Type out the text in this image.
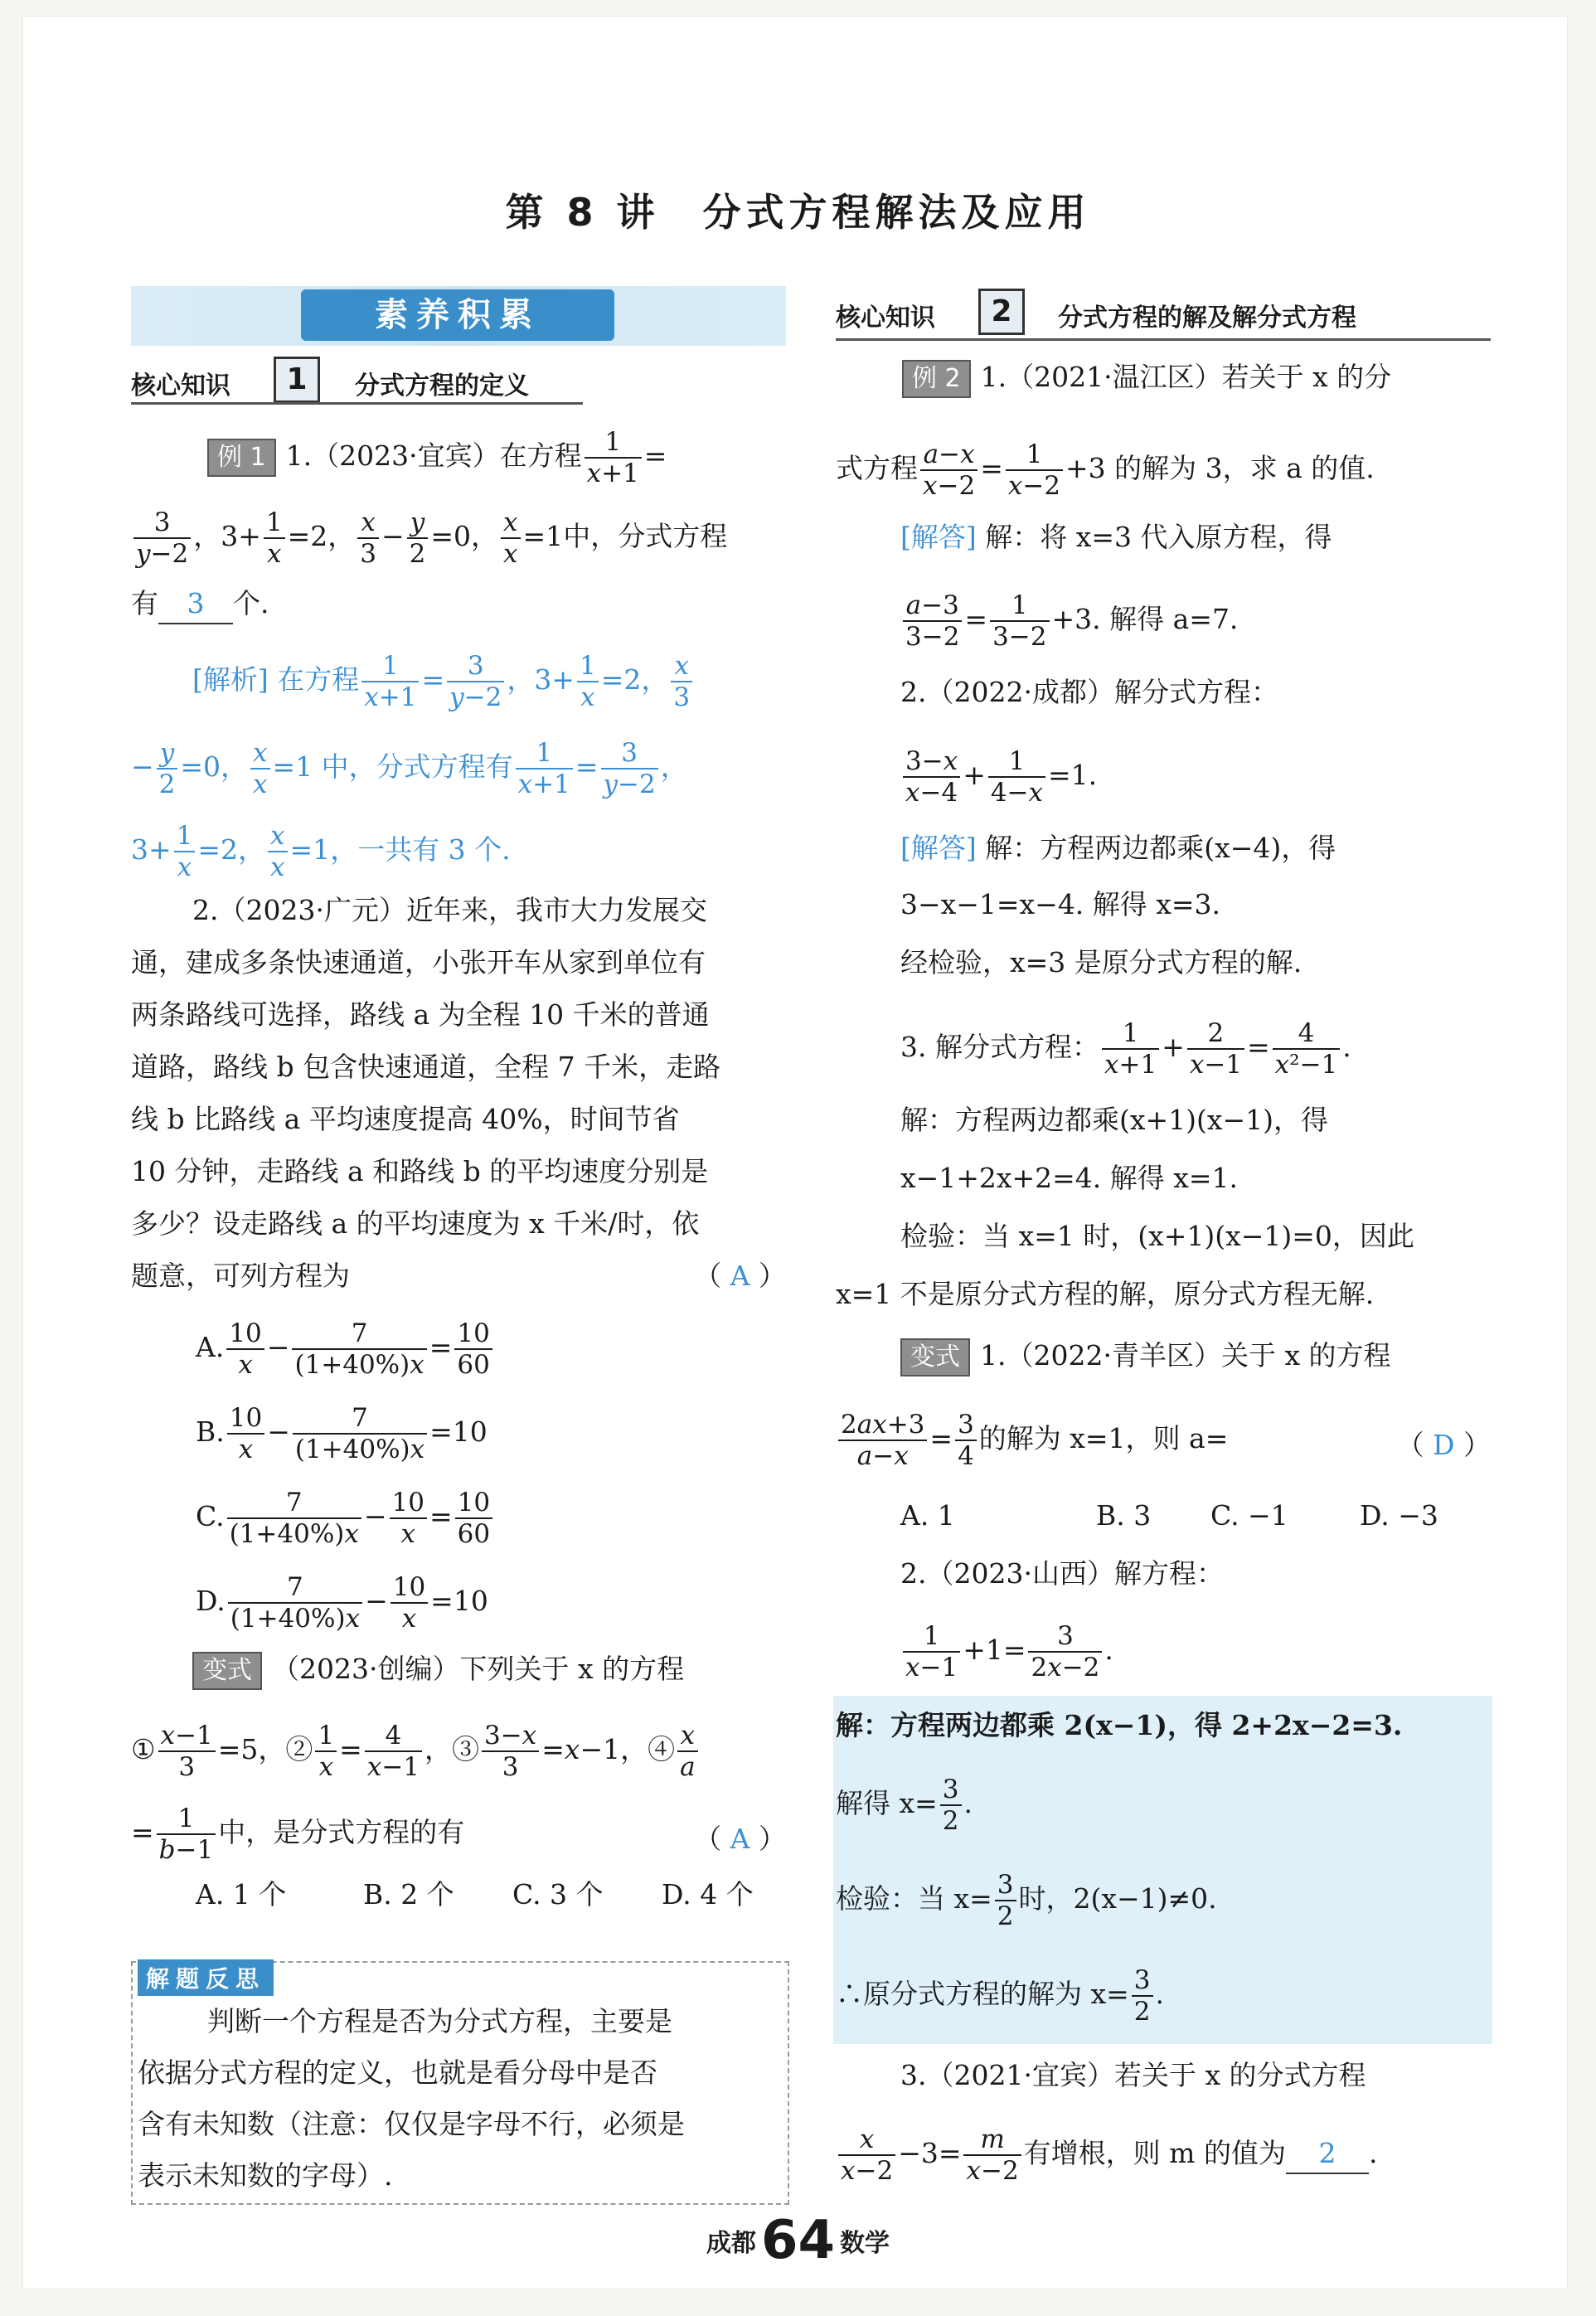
第 8 讲　分式方程解法及应用
素养积累
核心知识	1	分式方程的定义
例 1 1.（2023·宜宾）在方程 $\frac{1}{x+1}$ =
$\frac{3}{y-2}$ ，$3+ \frac{1}{x} =2$， $\frac{x}{3} - \frac{y}{2} =0$， $\frac{x}{x} =1$中，分式方程
有 3 个.
[解析] 在方程 $\frac{1}{x+1} = \frac{3}{y-2}$ ，$3+ \frac{1}{x} =2$， $\frac{x}{3}$
− $\frac{y}{2} =0$， $\frac{x}{x} =1$ 中，分式方程有 $\frac{1}{x+1} = \frac{3}{y-2}$ ，
$3+ \frac{1}{x} =2$， $\frac{x}{x} =1$，一共有 3 个.
2.（2023·广元）近年来，我市大力发展交
通，建成多条快速通道，小张开车从家到单位有
两条路线可选择，路线 a 为全程 10 千米的普通
道路，路线 b 包含快速通道，全程 7 千米，走路
线 b 比路线 a 平均速度提高 40%，时间节省
10 分钟，走路线 a 和路线 b 的平均速度分别是
多少？设走路线 a 的平均速度为 x 千米/时，依
题意，可列方程为	（ A ）
A. $\frac{10}{x} - \frac{7}{(1+40\%)x} = \frac{10}{60}$
B. $\frac{10}{x} - \frac{7}{(1+40\%)x} =10$
C. $\frac{7}{(1+40\%)x} - \frac{10}{x} = \frac{10}{60}$
D. $\frac{7}{(1+40\%)x} - \frac{10}{x} =10$
变式 （2023·创编）下列关于 x 的方程
① $\frac{x-1}{3} =5$，② $\frac{1}{x} = \frac{4}{x-1}$ ，③ $\frac{3-x}{3} =x-1$，④ $\frac{x}{a}$
= $\frac{1}{b-1}$ 中，是分式方程的有	（ A ）
A. 1 个	B. 2 个 C. 3 个 D. 4 个
解题反思
判断一个方程是否为分式方程，主要是
依据分式方程的定义，也就是看分母中是否
含有未知数（注意：仅仅是字母不行，必须是
表示未知数的字母）.
核心知识	2	分式方程的解及解分式方程
例 2 1.（2021·温江区）若关于 x 的分
式方程 $\frac{a-x}{x-2} = \frac{1}{x-2} +3$ 的解为 3，求 a 的值.
[解答] 解：将 x=3 代入原方程，得
$\frac{a-3}{3-2} = \frac{1}{3-2} +3$. 解得 a=7.
2.（2022·成都）解分式方程：
$\frac{3-x}{x-4} + \frac{1}{4-x} =1$.
[解答] 解：方程两边都乘(x−4)，得
3−x−1=x−4. 解得 x=3.
经检验，x=3 是原分式方程的解.
3. 解分式方程： $\frac{1}{x+1} + \frac{2}{x-1} = \frac{4}{\text{x²−1}}$ .
解：方程两边都乘(x+1)(x−1)，得
x−1+2x+2=4. 解得 x=1.
检验：当 x=1 时，(x+1)(x−1)=0，因此
x=1 不是原分式方程的解，原分式方程无解.
变式 1.（2022·青羊区）关于 x 的方程
$\frac{2ax+3}{a-x} = \frac{3}{4}$ 的解为 x=1，则 a=	（ D ）
A. 1	B. 3 C. −1	D. −3
2.（2023·山西）解方程：
$\frac{1}{x-1} +1= \frac{3}{2x-2}$ .
解：方程两边都乘 2(x−1)，得 2+2x−2=3.
解得 $x= \frac{3}{2}$ .
检验：当 $x= \frac{3}{2}$ 时，2(x−1)≠0.
∴原分式方程的解为 $x= \frac{3}{2}$ .
3.（2021·宜宾）若关于 x 的分式方程
$\frac{x}{x-2} -3= \frac{m}{x-2}$ 有增根，则 m 的值为 2 .
成都64 数学
